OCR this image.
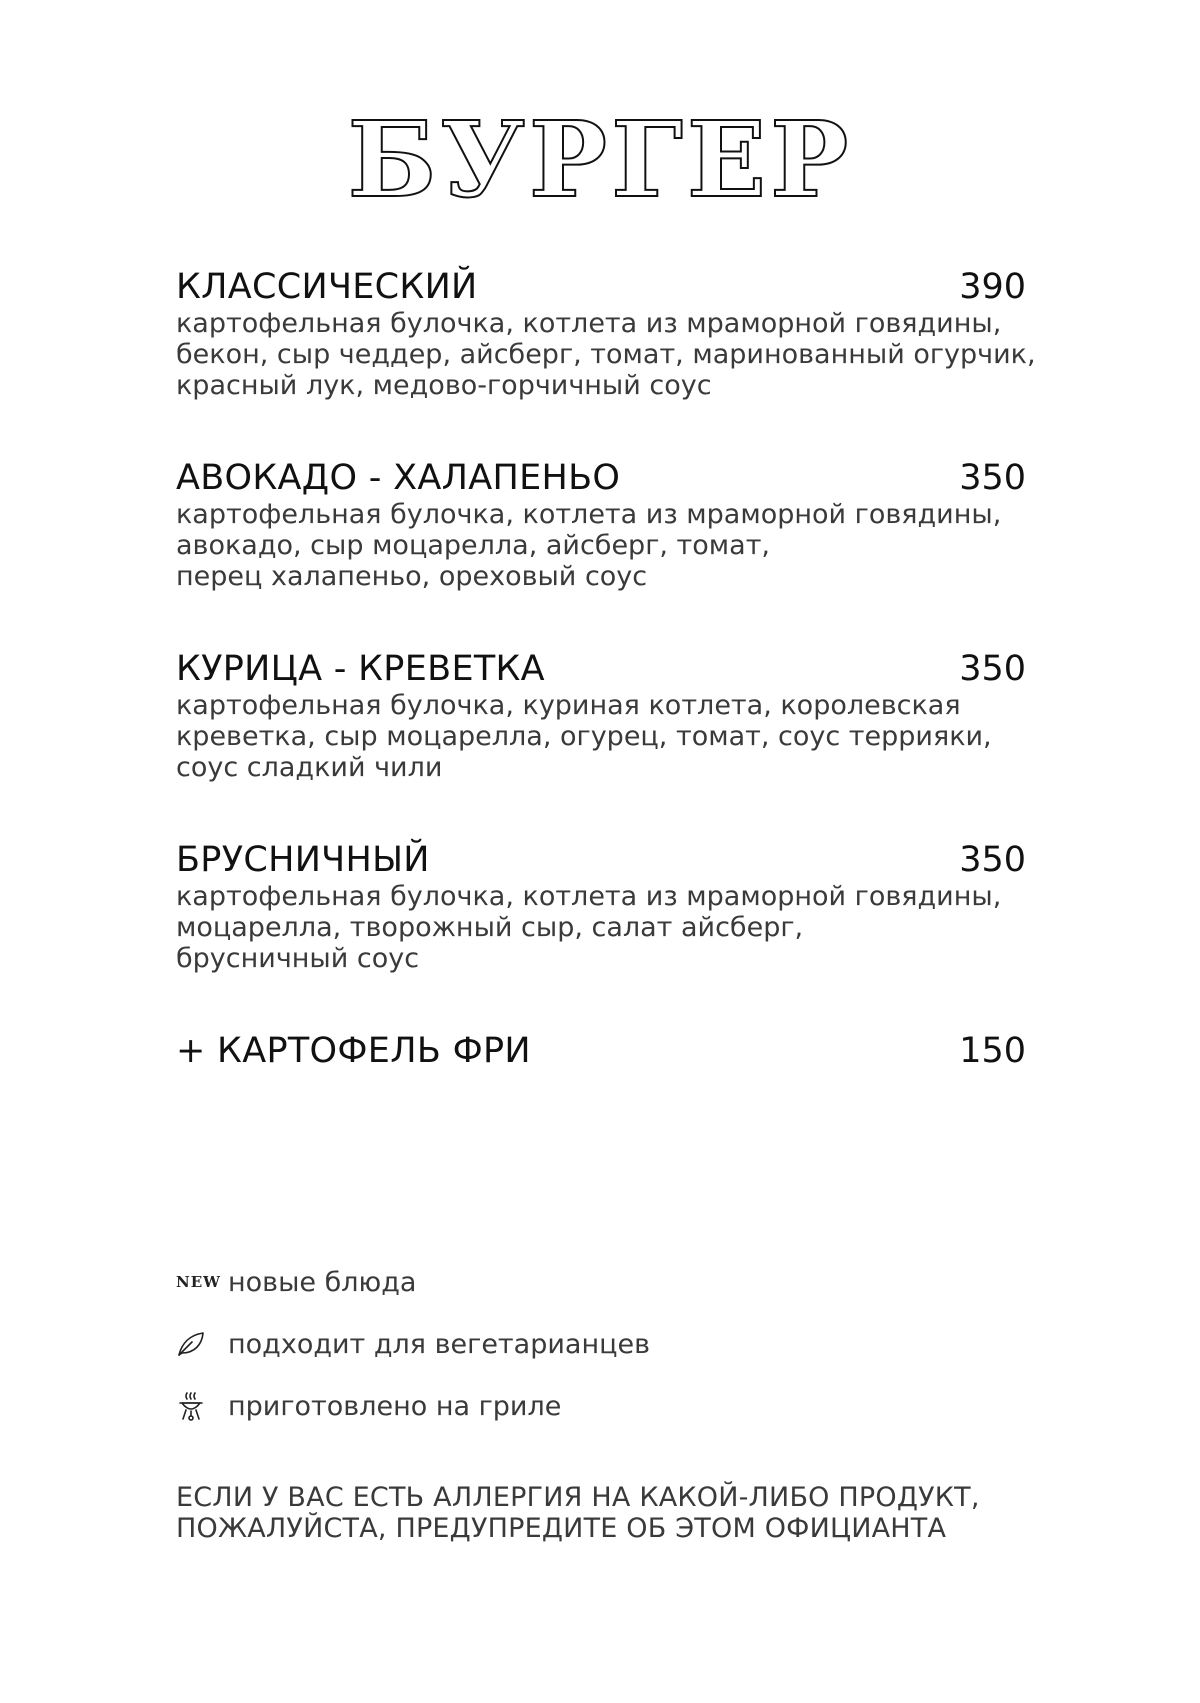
БУРГЕР
КЛАССИЧЕСКИЙ	390
картофельная булочка, котлета из мраморной говядины,
бекон, сыр чеддер, айсберг, томат, маринованный огурчик,
красный лук, медово-горчичный соус
АВОКАДО - ХАЛАПЕНЬО	350
картофельная булочка, котлета из мраморной говядины,
авокадо, сыр моцарелла, айсберг, томат,
перец халапеньо, ореховый соус
КУРИЦА - КРЕВЕТКА	350
картофельная булочка, куриная котлета, королевская
креветка, сыр моцарелла, огурец, томат, соус террияки,
соус сладкий чили
БРУСНИЧНЫЙ	350
картофельная булочка, котлета из мраморной говядины,
моцарелла, творожный сыр, салат айсберг,
брусничный соус
+ КАРТОФЕЛЬ ФРИ	150
NEW новые блюда
подходит для вегетарианцев
приготовлено на гриле
ЕСЛИ У ВАС ЕСТЬ АЛЛЕРГИЯ НА КАКОЙ-ЛИБО ПРОДУКТ,
ПОЖАЛУЙСТА, ПРЕДУПРЕДИТЕ ОБ ЭТОМ ОФИЦИАНТА
